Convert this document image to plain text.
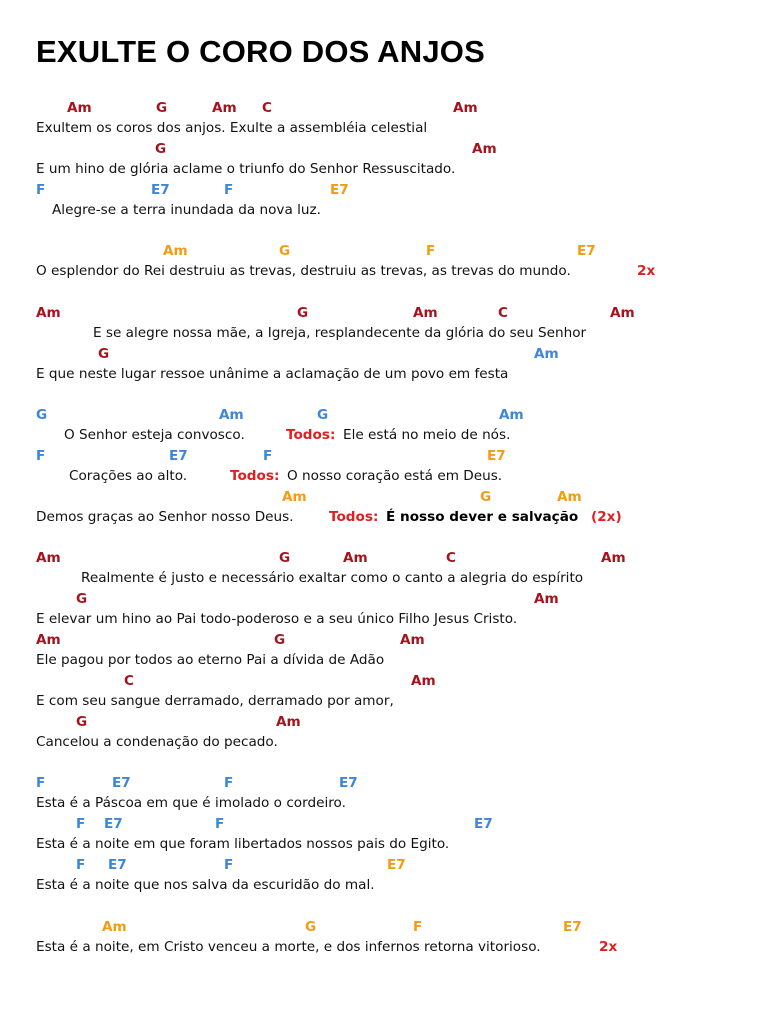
EXULTE O CORO DOS ANJOS
Am	G	Am C	Am
Exultem os coros dos anjos. Exulte a assembléia celestial
G	Am
E um hino de glória aclame o triunfo do Senhor Ressuscitado.
F	E7	F	E7
Alegre-se a terra inundada da nova luz.
Am	G	F	E7
O esplendor do Rei destruiu as trevas, destruiu as trevas, as trevas do mundo.	2x
Am	G	Am	C	Am
E se alegre nossa mãe, a Igreja, resplandecente da glória do seu Senhor
G	Am
E que neste lugar ressoe unânime a aclamação de um povo em festa
G	Am	G	Am
O Senhor esteja convosco.	Todos: Ele está no meio de nós.
F	E7	F	E7
Corações ao alto.	Todos: O nosso coração está em Deus.
Am	G	Am
Demos graças ao Senhor nosso Deus.	Todos: É nosso dever e salvação (2x)
Am	G	Am	C	Am
Realmente é justo e necessário exaltar como o canto a alegria do espírito
G	Am
E elevar um hino ao Pai todo-poderoso e a seu único Filho Jesus Cristo.
Am	G	Am
Ele pagou por todos ao eterno Pai a dívida de Adão
C	Am
E com seu sangue derramado, derramado por amor,
G	Am
Cancelou a condenação do pecado.
F	E7	F	E7
Esta é a Páscoa em que é imolado o cordeiro.
F E7	F	E7
Esta é a noite em que foram libertados nossos pais do Egito.
F E7	F	E7
Esta é a noite que nos salva da escuridão do mal.
Am	G	F	E7
Esta é a noite, em Cristo venceu a morte, e dos infernos retorna vitorioso.	2x
